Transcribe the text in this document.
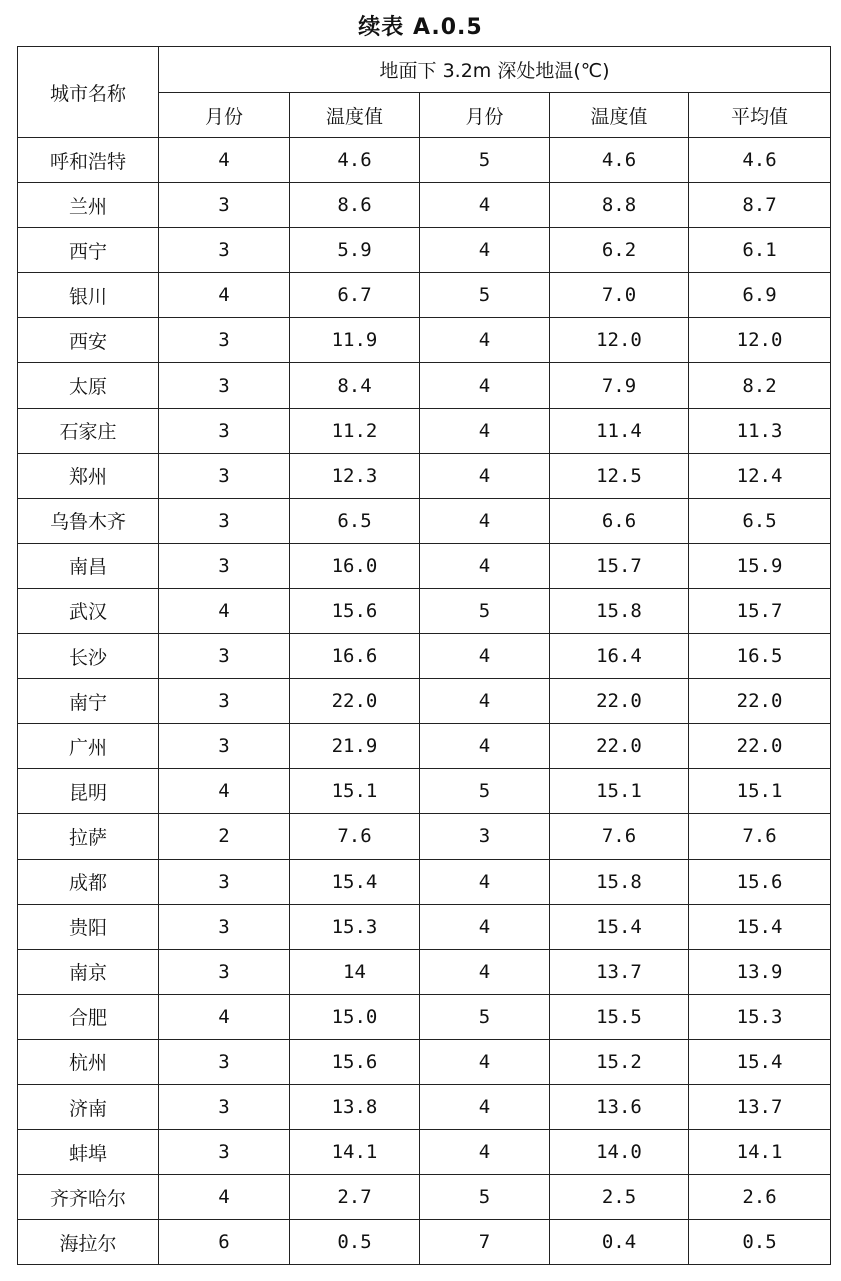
续表 A.0.5
城市名称	地面下 3.2m 深处地温(℃)				
	月份	温度值	月份	温度值	平均值
呼和浩特	4	4.6	5	4.6	4.6
兰州	3	8.6	4	8.8	8.7
西宁	3	5.9	4	6.2	6.1
银川	4	6.7	5	7.0	6.9
西安	3	11.9	4	12.0	12.0
太原	3	8.4	4	7.9	8.2
石家庄	3	11.2	4	11.4	11.3
郑州	3	12.3	4	12.5	12.4
乌鲁木齐	3	6.5	4	6.6	6.5
南昌	3	16.0	4	15.7	15.9
武汉	4	15.6	5	15.8	15.7
长沙	3	16.6	4	16.4	16.5
南宁	3	22.0	4	22.0	22.0
广州	3	21.9	4	22.0	22.0
昆明	4	15.1	5	15.1	15.1
拉萨	2	7.6	3	7.6	7.6
成都	3	15.4	4	15.8	15.6
贵阳	3	15.3	4	15.4	15.4
南京	3	14	4	13.7	13.9
合肥	4	15.0	5	15.5	15.3
杭州	3	15.6	4	15.2	15.4
济南	3	13.8	4	13.6	13.7
蚌埠	3	14.1	4	14.0	14.1
齐齐哈尔	4	2.7	5	2.5	2.6
海拉尔	6	0.5	7	0.4	0.5
